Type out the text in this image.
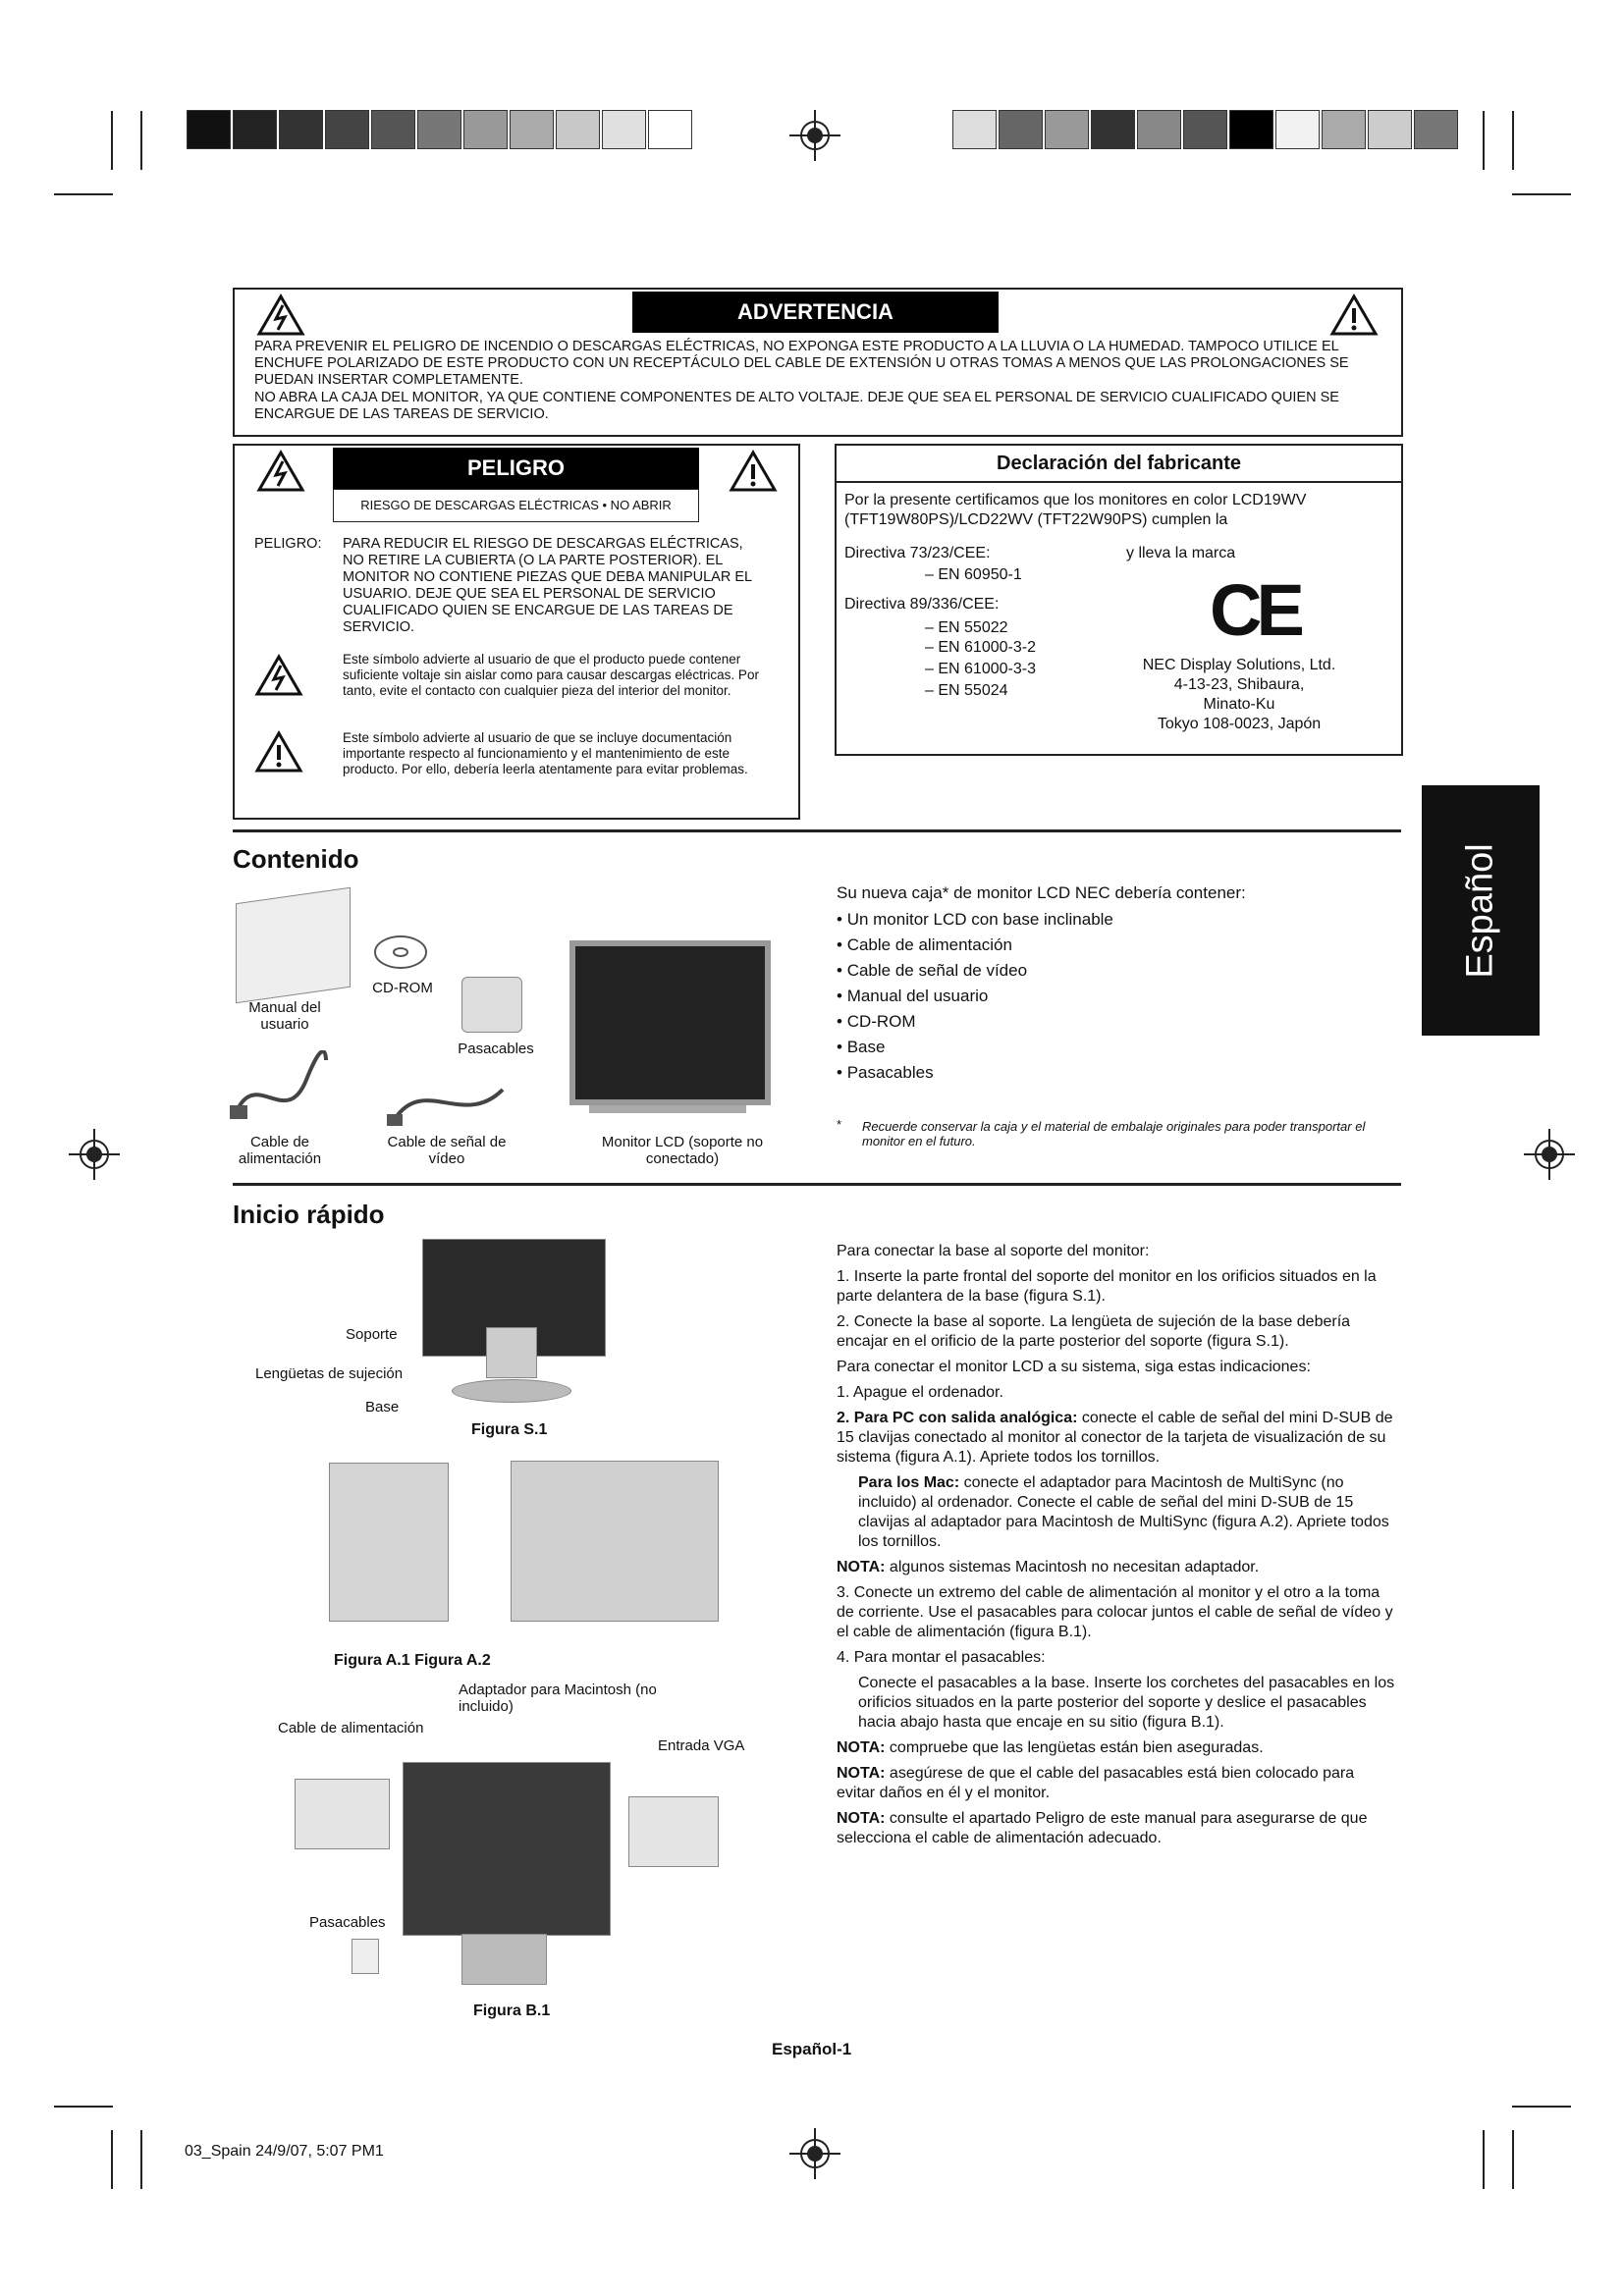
ADVERTENCIA
PARA PREVENIR EL PELIGRO DE INCENDIO O DESCARGAS ELÉCTRICAS, NO EXPONGA ESTE PRODUCTO A LA LLUVIA O LA HUMEDAD. TAMPOCO UTILICE EL ENCHUFE POLARIZADO DE ESTE PRODUCTO CON UN RECEPTÁCULO DEL CABLE DE EXTENSIÓN U OTRAS TOMAS A MENOS QUE LAS PROLONGACIONES SE PUEDAN INSERTAR COMPLETAMENTE.
NO ABRA LA CAJA DEL MONITOR, YA QUE CONTIENE COMPONENTES DE ALTO VOLTAJE. DEJE QUE SEA EL PERSONAL DE SERVICIO CUALIFICADO QUIEN SE ENCARGUE DE LAS TAREAS DE SERVICIO.
PELIGRO
RIESGO DE DESCARGAS ELÉCTRICAS • NO ABRIR
PELIGRO: PARA REDUCIR EL RIESGO DE DESCARGAS ELÉCTRICAS, NO RETIRE LA CUBIERTA (O LA PARTE POSTERIOR). EL MONITOR NO CONTIENE PIEZAS QUE DEBA MANIPULAR EL USUARIO. DEJE QUE SEA EL PERSONAL DE SERVICIO CUALIFICADO QUIEN SE ENCARGUE DE LAS TAREAS DE SERVICIO.
Este símbolo advierte al usuario de que el producto puede contener suficiente voltaje sin aislar como para causar descargas eléctricas. Por tanto, evite el contacto con cualquier pieza del interior del monitor.
Este símbolo advierte al usuario de que se incluye documentación importante respecto al funcionamiento y el mantenimiento de este producto. Por ello, debería leerla atentamente para evitar problemas.
Declaración del fabricante
Por la presente certificamos que los monitores en color LCD19WV (TFT19W80PS)/LCD22WV (TFT22W90PS) cumplen la
Directiva 73/23/CEE:
– EN 60950-1
Directiva 89/336/CEE:
– EN 55022
– EN 61000-3-2
– EN 61000-3-3
– EN 55024
y lleva la marca
CE
NEC Display Solutions, Ltd.
4-13-23, Shibaura,
Minato-Ku
Tokyo 108-0023, Japón
Español
Contenido
Manual del usuario
CD-ROM
Pasacables
Cable de alimentación
Cable de señal de vídeo
Monitor LCD (soporte no conectado)
Su nueva caja* de monitor LCD NEC debería contener:
• Un monitor LCD con base inclinable
• Cable de alimentación
• Cable de señal de vídeo
• Manual del usuario
• CD-ROM
• Base
• Pasacables
* Recuerde conservar la caja y el material de embalaje originales para poder transportar el monitor en el futuro.
Inicio rápido
Soporte
Lengüetas de sujeción
Base
Figura S.1
Figura A.1 Figura A.2
Adaptador para Macintosh (no incluido)
Cable de alimentación
Entrada VGA
Pasacables
Figura B.1

Para conectar la base al soporte del monitor:

1. Inserte la parte frontal del soporte del monitor en los orificios situados en la parte delantera de la base (figura S.1).

2. Conecte la base al soporte. La lengüeta de sujeción de la base debería encajar en el orificio de la parte posterior del soporte (figura S.1).

Para conectar el monitor LCD a su sistema, siga estas indicaciones:

1. Apague el ordenador.

2. Para PC con salida analógica: conecte el cable de señal del mini D-SUB de 15 clavijas conectado al monitor al conector de la tarjeta de visualización de su sistema (figura A.1). Apriete todos los tornillos.

Para los Mac: conecte el adaptador para Macintosh de MultiSync (no incluido) al ordenador. Conecte el cable de señal del mini D-SUB de 15 clavijas al adaptador para Macintosh de MultiSync (figura A.2). Apriete todos los tornillos.

NOTA: algunos sistemas Macintosh no necesitan adaptador.

3. Conecte un extremo del cable de alimentación al monitor y el otro a la toma de corriente. Use el pasacables para colocar juntos el cable de señal de vídeo y el cable de alimentación (figura B.1).

4. Para montar el pasacables:

Conecte el pasacables a la base. Inserte los corchetes del pasacables en los orificios situados en la parte posterior del soporte y deslice el pasacables hacia abajo hasta que encaje en su sitio (figura B.1).

NOTA: compruebe que las lengüetas están bien aseguradas.

NOTA: asegúrese de que el cable del pasacables está bien colocado para evitar daños en él y el monitor.

NOTA: consulte el apartado Peligro de este manual para asegurarse de que selecciona el cable de alimentación adecuado.

Español-1
03_Spain 24/9/07, 5:07 PM1
